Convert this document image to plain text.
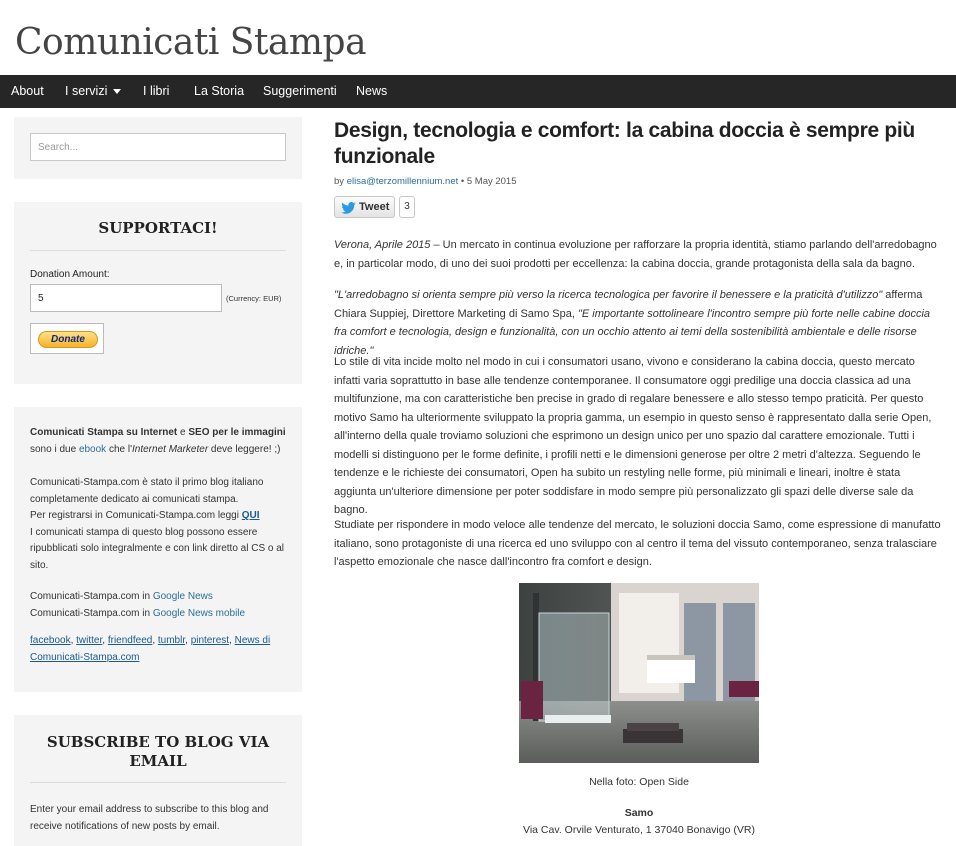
Comunicati Stampa
About I servizi	I libri La Storia Suggerimenti News
Search...
SUPPORTACI!
Donation Amount:
5
(Currency: EUR)
Donate
Comunicati Stampa su Internet e SEO per le immagini
sono i due ebook che l'Internet Marketer deve leggere! ;)
Comunicati-Stampa.com è stato il primo blog italiano completamente dedicato ai comunicati stampa.
Per registrarsi in Comunicati-Stampa.com leggi QUI
I comunicati stampa di questo blog possono essere ripubblicati solo integralmente e con link diretto al CS o al sito.
Comunicati-Stampa.com in Google News
Comunicati-Stampa.com in Google News mobile
facebook, twitter, friendfeed, tumblr, pinterest, News di Comunicati-Stampa.com
SUBSCRIBE TO BLOG VIA EMAIL
Enter your email address to subscribe to this blog and receive notifications of new posts by email.
Design, tecnologia e comfort: la cabina doccia è sempre più funzionale
by elisa@terzomillennium.net • 5 May 2015
Tweet	3

Verona, Aprile 2015 – Un mercato in continua evoluzione per rafforzare la propria identità, stiamo parlando dell'arredobagno e, in particolar modo, di uno dei suoi prodotti per eccellenza: la cabina doccia, grande protagonista della sala da bagno.

"L'arredobagno si orienta sempre più verso la ricerca tecnologica per favorire il benessere e la praticità d'utilizzo" afferma Chiara Suppiej, Direttore Marketing di Samo Spa, "E importante sottolineare l'incontro sempre più forte nelle cabine doccia fra comfort e tecnologia, design e funzionalità, con un occhio attento ai temi della sostenibilità ambientale e delle risorse idriche."

Lo stile di vita incide molto nel modo in cui i consumatori usano, vivono e considerano la cabina doccia, questo mercato infatti varia soprattutto in base alle tendenze contemporanee. Il consumatore oggi predilige una doccia classica ad una multifunzione, ma con caratteristiche ben precise in grado di regalare benessere e allo stesso tempo praticità. Per questo motivo Samo ha ulteriormente sviluppato la propria gamma, un esempio in questo senso è rappresentato dalla serie Open, all'interno della quale troviamo soluzioni che esprimono un design unico per uno spazio dal carattere emozionale. Tutti i modelli si distinguono per le forme definite, i profili netti e le dimensioni generose per oltre 2 metri d'altezza. Seguendo le tendenze e le richieste dei consumatori, Open ha subito un restyling nelle forme, più minimali e lineari, inoltre è stata aggiunta un'ulteriore dimensione per poter soddisfare in modo sempre più personalizzato gli spazi delle diverse sale da bagno.

Studiate per rispondere in modo veloce alle tendenze del mercato, le soluzioni doccia Samo, come espressione di manufatto italiano, sono protagoniste di una ricerca ed uno sviluppo con al centro il tema del vissuto contemporaneo, senza tralasciare l'aspetto emozionale che nasce dall'incontro fra comfort e design.

Nella foto: Open Side
Samo
Via Cav. Orvile Venturato, 1 37040 Bonavigo (VR)
